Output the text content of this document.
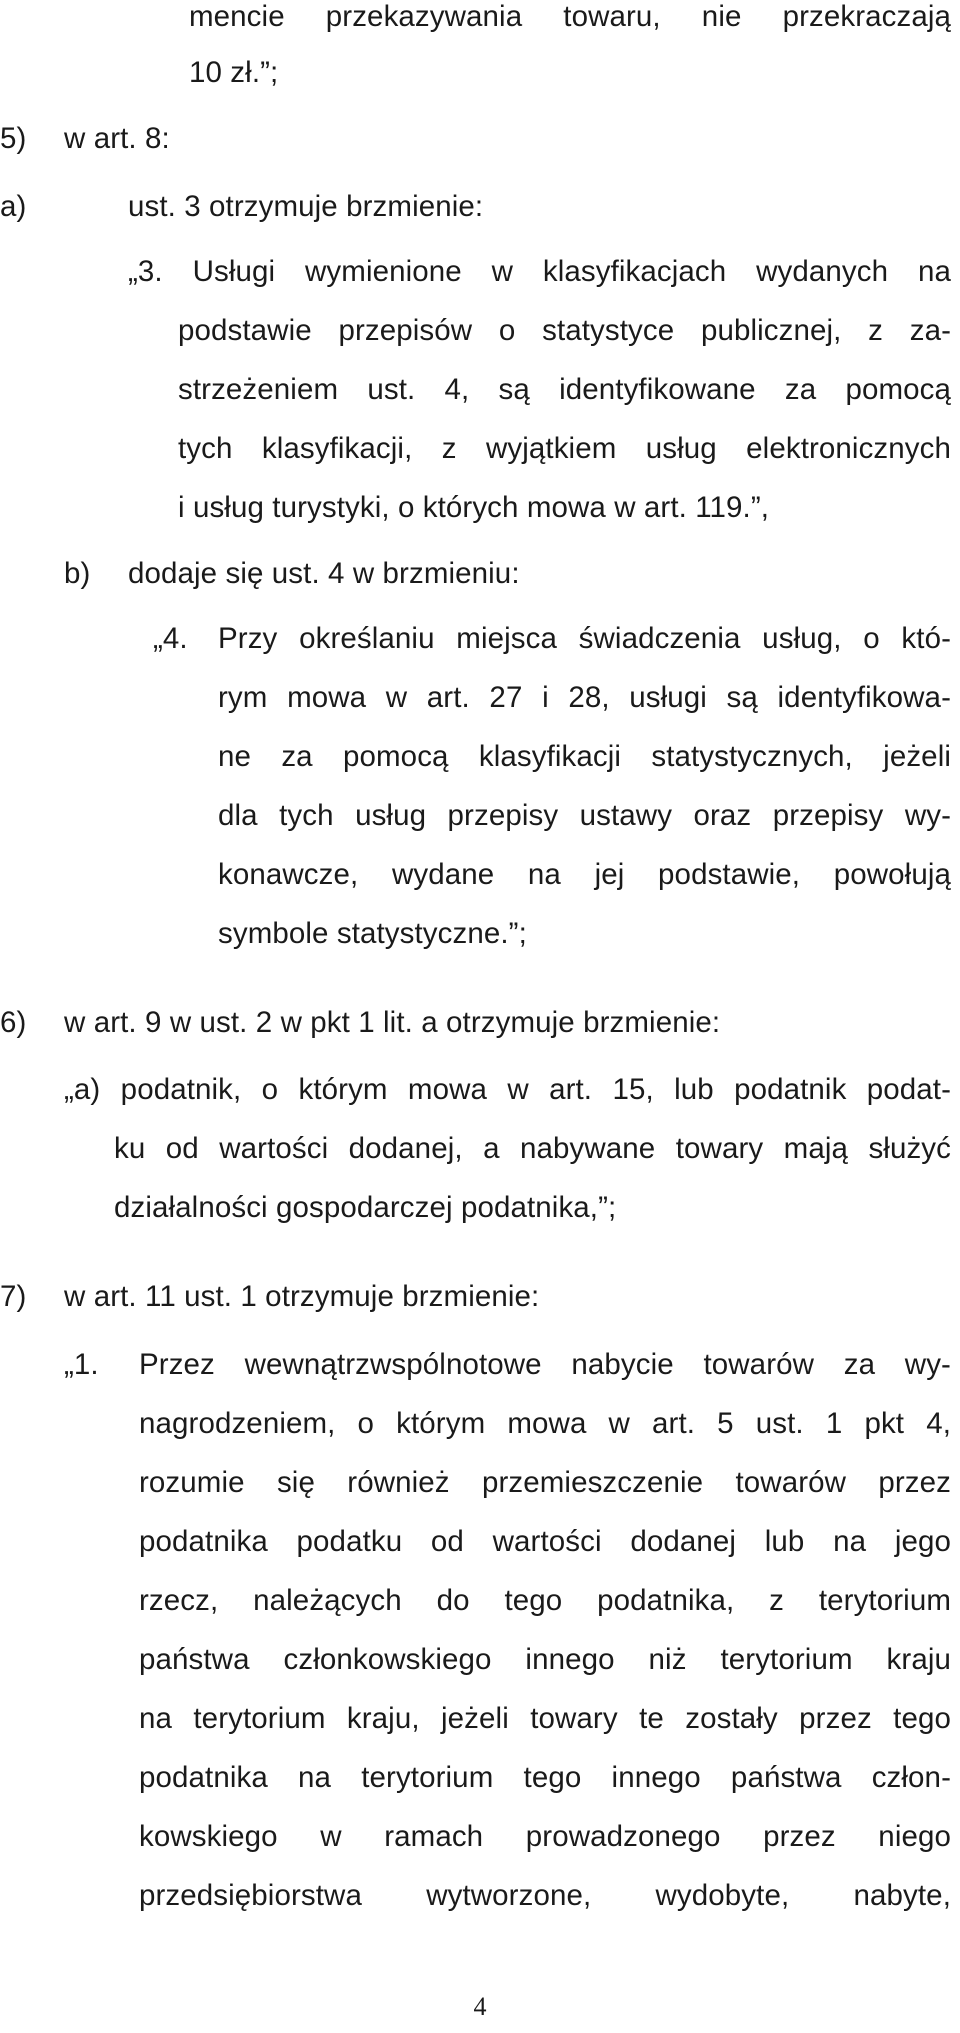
mencie przekazywania towaru, nie przekraczają
10 zł.”;
5) w art. 8:
a)	ust. 3 otrzymuje brzmienie:
„3. Usługi wymienione w klasyfikacjach wydanych na
podstawie przepisów o statystyce publicznej, z za-
strzeżeniem ust. 4, są identyfikowane za pomocą
tych klasyfikacji, z wyjątkiem usług elektronicznych
i usług turystyki, o których mowa w art. 119.”,
b) dodaje się ust. 4 w brzmieniu:
„4. Przy określaniu miejsca świadczenia usług, o któ-
rym mowa w art. 27 i 28, usługi są identyfikowa-
ne za pomocą klasyfikacji statystycznych, jeżeli
dla tych usług przepisy ustawy oraz przepisy wy-
konawcze, wydane na jej podstawie, powołują
symbole statystyczne.”;
6) w art. 9 w ust. 2 w pkt 1 lit. a otrzymuje brzmienie:
„a) podatnik, o którym mowa w art. 15, lub podatnik podat-
ku od wartości dodanej, a nabywane towary mają służyć
działalności gospodarczej podatnika,”;
7) w art. 11 ust. 1 otrzymuje brzmienie:
„1. Przez wewnątrzwspólnotowe nabycie towarów za wy-
nagrodzeniem, o którym mowa w art. 5 ust. 1 pkt 4,
rozumie się również przemieszczenie towarów przez
podatnika podatku od wartości dodanej lub na jego
rzecz, należących do tego podatnika, z terytorium
państwa członkowskiego innego niż terytorium kraju
na terytorium kraju, jeżeli towary te zostały przez tego
podatnika na terytorium tego innego państwa człon-
kowskiego w ramach prowadzonego przez niego
przedsiębiorstwa wytworzone, wydobyte, nabyte,
4
